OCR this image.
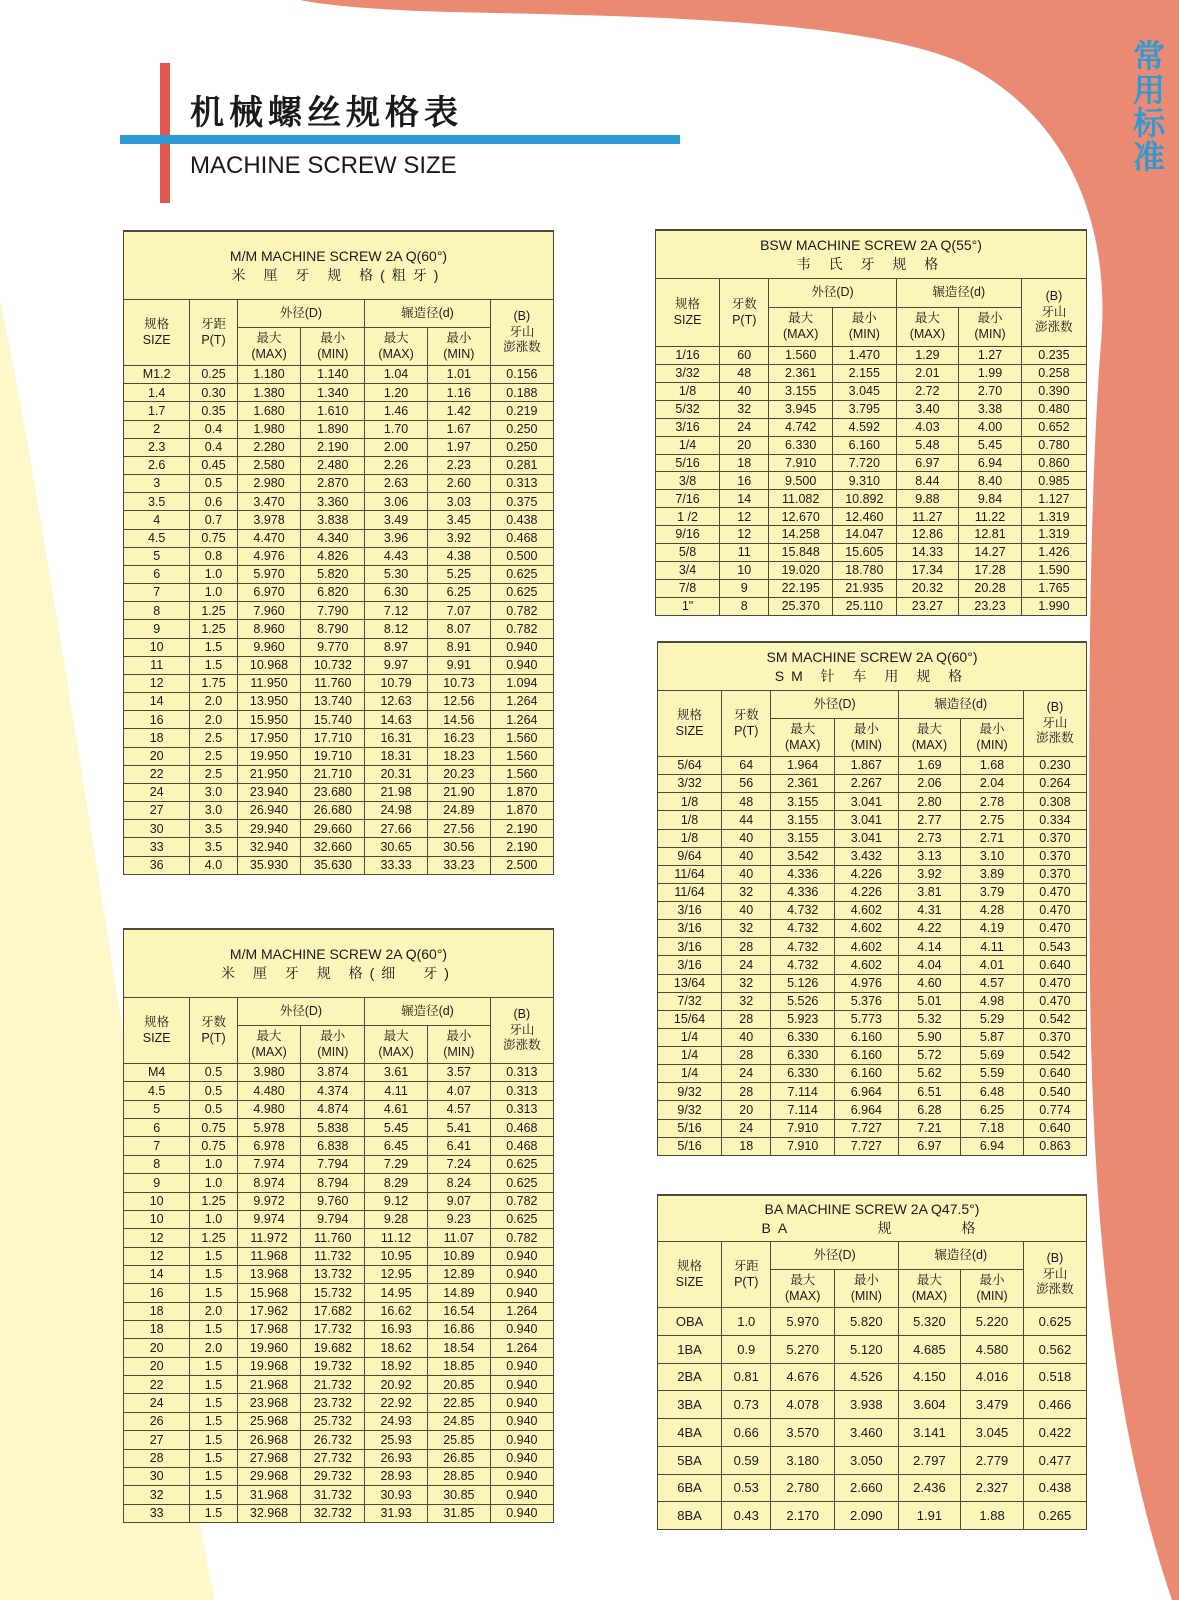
机械螺丝规格表
MACHINE SCREW SIZE
常
用
标
准
M/M MACHINE SCREW 2A Q(60°)
米 厘 牙 规 格(粗牙)						

规格
SIZE	牙距
P(T)	外径(D)		辗造径(d)		(B)
牙山
澎涨数

		最大
(MAX)	最小
(MIN)	最大
(MAX)	最小
(MIN)	

M1.2	0.25	1.180	1.140	1.04	1.01	0.156
1.4	0.30	1.380	1.340	1.20	1.16	0.188
1.7	0.35	1.680	1.610	1.46	1.42	0.219
2	0.4	1.980	1.890	1.70	1.67	0.250
2.3	0.4	2.280	2.190	2.00	1.97	0.250
2.6	0.45	2.580	2.480	2.26	2.23	0.281
3	0.5	2.980	2.870	2.63	2.60	0.313
3.5	0.6	3.470	3.360	3.06	3.03	0.375
4	0.7	3.978	3.838	3.49	3.45	0.438
4.5	0.75	4.470	4.340	3.96	3.92	0.468
5	0.8	4.976	4.826	4.43	4.38	0.500
6	1.0	5.970	5.820	5.30	5.25	0.625
7	1.0	6.970	6.820	6.30	6.25	0.625
8	1.25	7.960	7.790	7.12	7.07	0.782
9	1.25	8.960	8.790	8.12	8.07	0.782
10	1.5	9.960	9.770	8.97	8.91	0.940
11	1.5	10.968	10.732	9.97	9.91	0.940
12	1.75	11.950	11.760	10.79	10.73	1.094
14	2.0	13.950	13.740	12.63	12.56	1.264
16	2.0	15.950	15.740	14.63	14.56	1.264
18	2.5	17.950	17.710	16.31	16.23	1.560
20	2.5	19.950	19.710	18.31	18.23	1.560
22	2.5	21.950	21.710	20.31	20.23	1.560
24	3.0	23.940	23.680	21.98	21.90	1.870
27	3.0	26.940	26.680	24.98	24.89	1.870
30	3.5	29.940	29.660	27.66	27.56	2.190
33	3.5	32.940	32.660	30.65	30.56	2.190
36	4.0	35.930	35.630	33.33	33.23	2.500
M/M MACHINE SCREW 2A Q(60°)
米 厘 牙 规 格(细　牙)						

规格
SIZE	牙数
P(T)	外径(D)		辗造径(d)		(B)
牙山
澎涨数

		最大
(MAX)	最小
(MIN)	最大
(MAX)	最小
(MIN)	

M4	0.5	3.980	3.874	3.61	3.57	0.313
4.5	0.5	4.480	4.374	4.11	4.07	0.313
5	0.5	4.980	4.874	4.61	4.57	0.313
6	0.75	5.978	5.838	5.45	5.41	0.468
7	0.75	6.978	6.838	6.45	6.41	0.468
8	1.0	7.974	7.794	7.29	7.24	0.625
9	1.0	8.974	8.794	8.29	8.24	0.625
10	1.25	9.972	9.760	9.12	9.07	0.782
10	1.0	9.974	9.794	9.28	9.23	0.625
12	1.25	11.972	11.760	11.12	11.07	0.782
12	1.5	11.968	11.732	10.95	10.89	0.940
14	1.5	13.968	13.732	12.95	12.89	0.940
16	1.5	15.968	15.732	14.95	14.89	0.940
18	2.0	17.962	17.682	16.62	16.54	1.264
18	1.5	17.968	17.732	16.93	16.86	0.940
20	2.0	19.960	19.682	18.62	18.54	1.264
20	1.5	19.968	19.732	18.92	18.85	0.940
22	1.5	21.968	21.732	20.92	20.85	0.940
24	1.5	23.968	23.732	22.92	22.85	0.940
26	1.5	25.968	25.732	24.93	24.85	0.940
27	1.5	26.968	26.732	25.93	25.85	0.940
28	1.5	27.968	27.732	26.93	26.85	0.940
30	1.5	29.968	29.732	28.93	28.85	0.940
32	1.5	31.968	31.732	30.93	30.85	0.940
33	1.5	32.968	32.732	31.93	31.85	0.940
BSW MACHINE SCREW 2A Q(55°)
韦 氏 牙 规 格						

规格
SIZE	牙数
P(T)	外径(D)		辗造径(d)		(B)
牙山
澎涨数

		最大
(MAX)	最小
(MIN)	最大
(MAX)	最小
(MIN)	

1/16	60	1.560	1.470	1.29	1.27	0.235
3/32	48	2.361	2.155	2.01	1.99	0.258
1/8	40	3.155	3.045	2.72	2.70	0.390
5/32	32	3.945	3.795	3.40	3.38	0.480
3/16	24	4.742	4.592	4.03	4.00	0.652
1/4	20	6.330	6.160	5.48	5.45	0.780
5/16	18	7.910	7.720	6.97	6.94	0.860
3/8	16	9.500	9.310	8.44	8.40	0.985
7/16	14	11.082	10.892	9.88	9.84	1.127
1 /2	12	12.670	12.460	11.27	11.22	1.319
9/16	12	14.258	14.047	12.86	12.81	1.319
5/8	11	15.848	15.605	14.33	14.27	1.426
3/4	10	19.020	18.780	17.34	17.28	1.590
7/8	9	22.195	21.935	20.32	20.28	1.765
1"	8	25.370	25.110	23.27	23.23	1.990
SM MACHINE SCREW 2A Q(60°)
SM 针 车 用 规 格						

规格
SIZE	牙数
P(T)	外径(D)		辗造径(d)		(B)
牙山
澎涨数

		最大
(MAX)	最小
(MIN)	最大
(MAX)	最小
(MIN)	

5/64	64	1.964	1.867	1.69	1.68	0.230
3/32	56	2.361	2.267	2.06	2.04	0.264
1/8	48	3.155	3.041	2.80	2.78	0.308
1/8	44	3.155	3.041	2.77	2.75	0.334
1/8	40	3.155	3.041	2.73	2.71	0.370
9/64	40	3.542	3.432	3.13	3.10	0.370
11/64	40	4.336	4.226	3.92	3.89	0.370
11/64	32	4.336	4.226	3.81	3.79	0.470
3/16	40	4.732	4.602	4.31	4.28	0.470
3/16	32	4.732	4.602	4.22	4.19	0.470
3/16	28	4.732	4.602	4.14	4.11	0.543
3/16	24	4.732	4.602	4.04	4.01	0.640
13/64	32	5.126	4.976	4.60	4.57	0.470
7/32	32	5.526	5.376	5.01	4.98	0.470
15/64	28	5.923	5.773	5.32	5.29	0.542
1/4	40	6.330	6.160	5.90	5.87	0.370
1/4	28	6.330	6.160	5.72	5.69	0.542
1/4	24	6.330	6.160	5.62	5.59	0.640
9/32	28	7.114	6.964	6.51	6.48	0.540
9/32	20	7.114	6.964	6.28	6.25	0.774
5/16	24	7.910	7.727	7.21	7.18	0.640
5/16	18	7.910	7.727	6.97	6.94	0.863
BA MACHINE SCREW 2A Q47.5°)
BA　　　　规　　　格						

规格
SIZE	牙距
P(T)	外径(D)		辗造径(d)		(B)
牙山
澎涨数

		最大
(MAX)	最小
(MIN)	最大
(MAX)	最小
(MIN)	

OBA	1.0	5.970	5.820	5.320	5.220	0.625
1BA	0.9	5.270	5.120	4.685	4.580	0.562
2BA	0.81	4.676	4.526	4.150	4.016	0.518
3BA	0.73	4.078	3.938	3.604	3.479	0.466
4BA	0.66	3.570	3.460	3.141	3.045	0.422
5BA	0.59	3.180	3.050	2.797	2.779	0.477
6BA	0.53	2.780	2.660	2.436	2.327	0.438
8BA	0.43	2.170	2.090	1.91	1.88	0.265
